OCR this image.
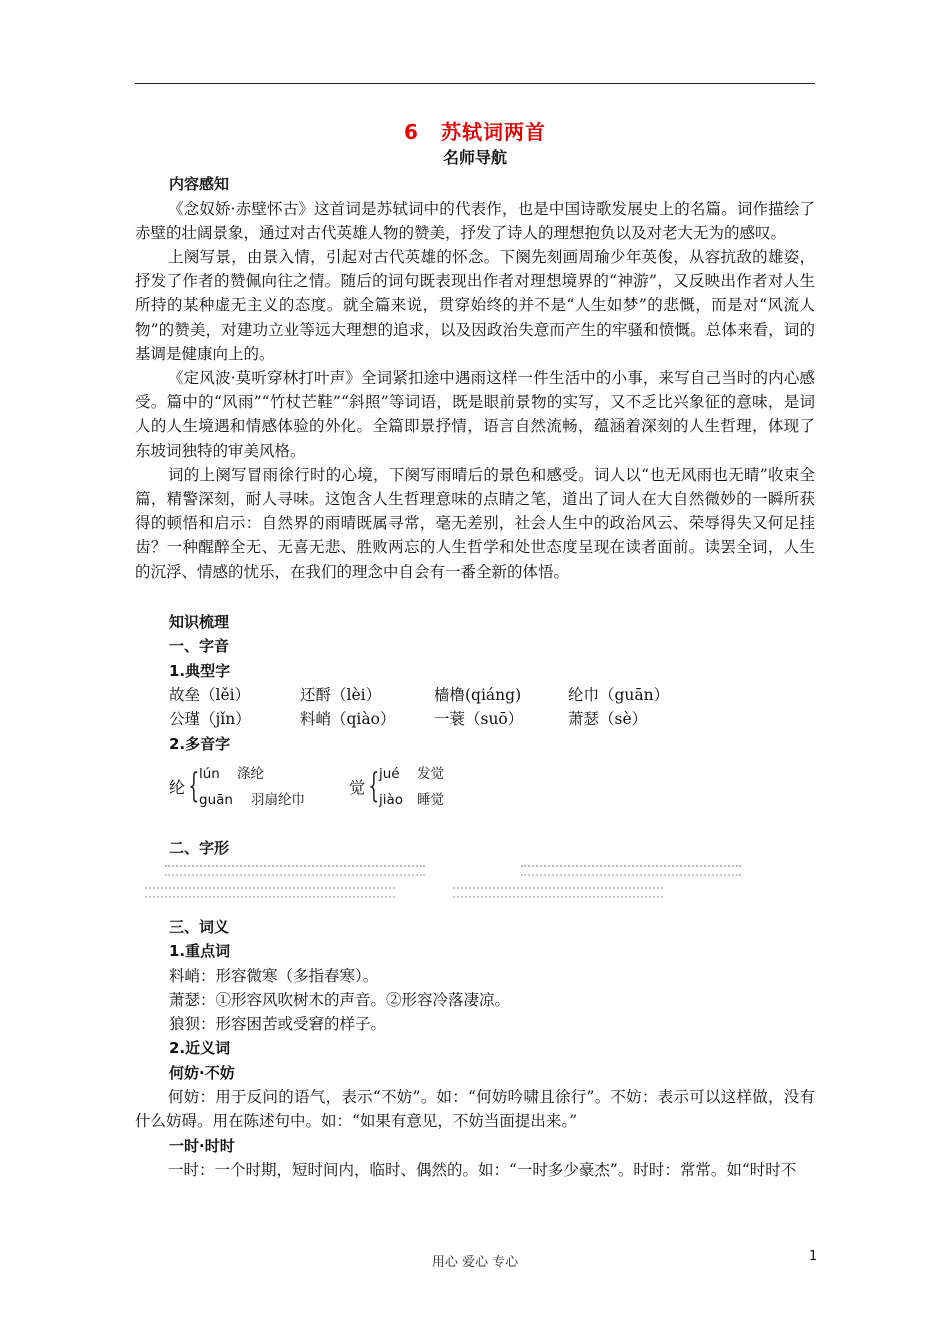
6 苏轼词两首

名师导航

内容感知

《念奴娇·赤壁怀古》这首词是苏轼词中的代表作，也是中国诗歌发展史上的名篇。词作描绘了赤壁的壮阔景象，通过对古代英雄人物的赞美，抒发了诗人的理想抱负以及对老大无为的感叹。

上阕写景，由景入情，引起对古代英雄的怀念。下阕先刻画周瑜少年英俊，从容抗敌的雄姿，抒发了作者的赞佩向往之情。随后的词句既表现出作者对理想境界的“神游”，又反映出作者对人生所持的某种虚无主义的态度。就全篇来说，贯穿始终的并不是“人生如梦”的悲慨，而是对“风流人物”的赞美，对建功立业等远大理想的追求，以及因政治失意而产生的牢骚和愤慨。总体来看，词的基调是健康向上的。

《定风波·莫听穿林打叶声》全词紧扣途中遇雨这样一件生活中的小事，来写自己当时的内心感受。篇中的“风雨”“竹杖芒鞋”“斜照”等词语，既是眼前景物的实写，又不乏比兴象征的意味，是词人的人生境遇和情感体验的外化。全篇即景抒情，语言自然流畅，蕴涵着深刻的人生哲理，体现了东坡词独特的审美风格。

词的上阕写冒雨徐行时的心境，下阕写雨晴后的景色和感受。词人以“也无风雨也无晴”收束全篇，精警深刻，耐人寻味。这饱含人生哲理意味的点睛之笔，道出了词人在大自然微妙的一瞬所获得的顿悟和启示：自然界的雨晴既属寻常，毫无差别，社会人生中的政治风云、荣辱得失又何足挂齿？一种醒醉全无、无喜无悲、胜败两忘的人生哲学和处世态度呈现在读者面前。读罢全词，人生的沉浮、情感的忧乐，在我们的理念中自会有一番全新的体悟。

知识梳理

一、字音

1.典型字

故垒（lěi）	还酹（lèi）	樯橹(qiáng)	纶巾（guān）
公瑾（jǐn）	料峭（qiào）	一蓑（suō）	萧瑟（sè）

2.多音字

纶 { lún 涤纶
guān 羽扇纶巾
觉 { jué 发觉
jiào 睡觉

二、字形

三、词义

1.重点词

料峭：形容微寒（多指春寒）。

萧瑟：①形容风吹树木的声音。②形容冷落凄凉。

狼狈：形容困苦或受窘的样子。

2.近义词

何妨·不妨

何妨：用于反问的语气，表示“不妨”。如：“何妨吟啸且徐行”。不妨：表示可以这样做，没有什么妨碍。用在陈述句中。如：“如果有意见，不妨当面提出来。”

一时·时时

一时：一个时期，短时间内，临时、偶然的。如：“一时多少豪杰”。时时：常常。如“时时不

用心 爱心 专心	1
